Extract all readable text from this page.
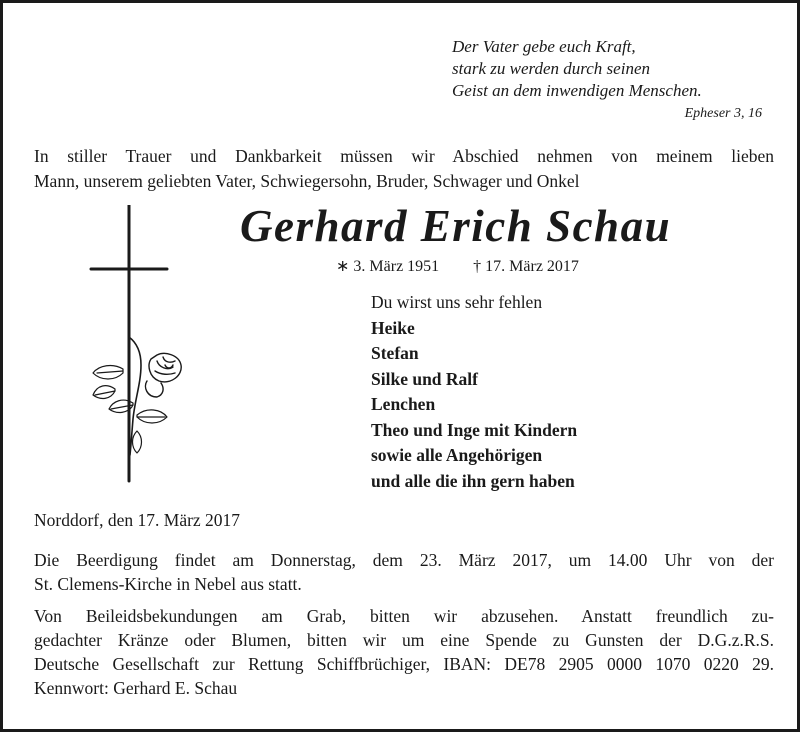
Der Vater gebe euch Kraft,
stark zu werden durch seinen
Geist an dem inwendigen Menschen.
Epheser 3, 16
In stiller Trauer und Dankbarkeit müssen wir Abschied nehmen von meinem lieben
Mann, unserem geliebten Vater, Schwiegersohn, Bruder, Schwager und Onkel
Gerhard Erich Schau
∗ 3. März 1951 † 17. März 2017
Du wirst uns sehr fehlen
Heike
Stefan
Silke und Ralf
Lenchen
Theo und Inge mit Kindern
sowie alle Angehörigen
und alle die ihn gern haben
Norddorf, den 17. März 2017
Die Beerdigung findet am Donnerstag, dem 23. März 2017, um 14.00 Uhr von der
St. Clemens-Kirche in Nebel aus statt.
Von Beileidsbekundungen am Grab, bitten wir abzusehen. Anstatt freundlich zu-
gedachter Kränze oder Blumen, bitten wir um eine Spende zu Gunsten der D.G.z.R.S.
Deutsche Gesellschaft zur Rettung Schiffbrüchiger, IBAN: DE78 2905 0000 1070 0220 29.
Kennwort: Gerhard E. Schau
